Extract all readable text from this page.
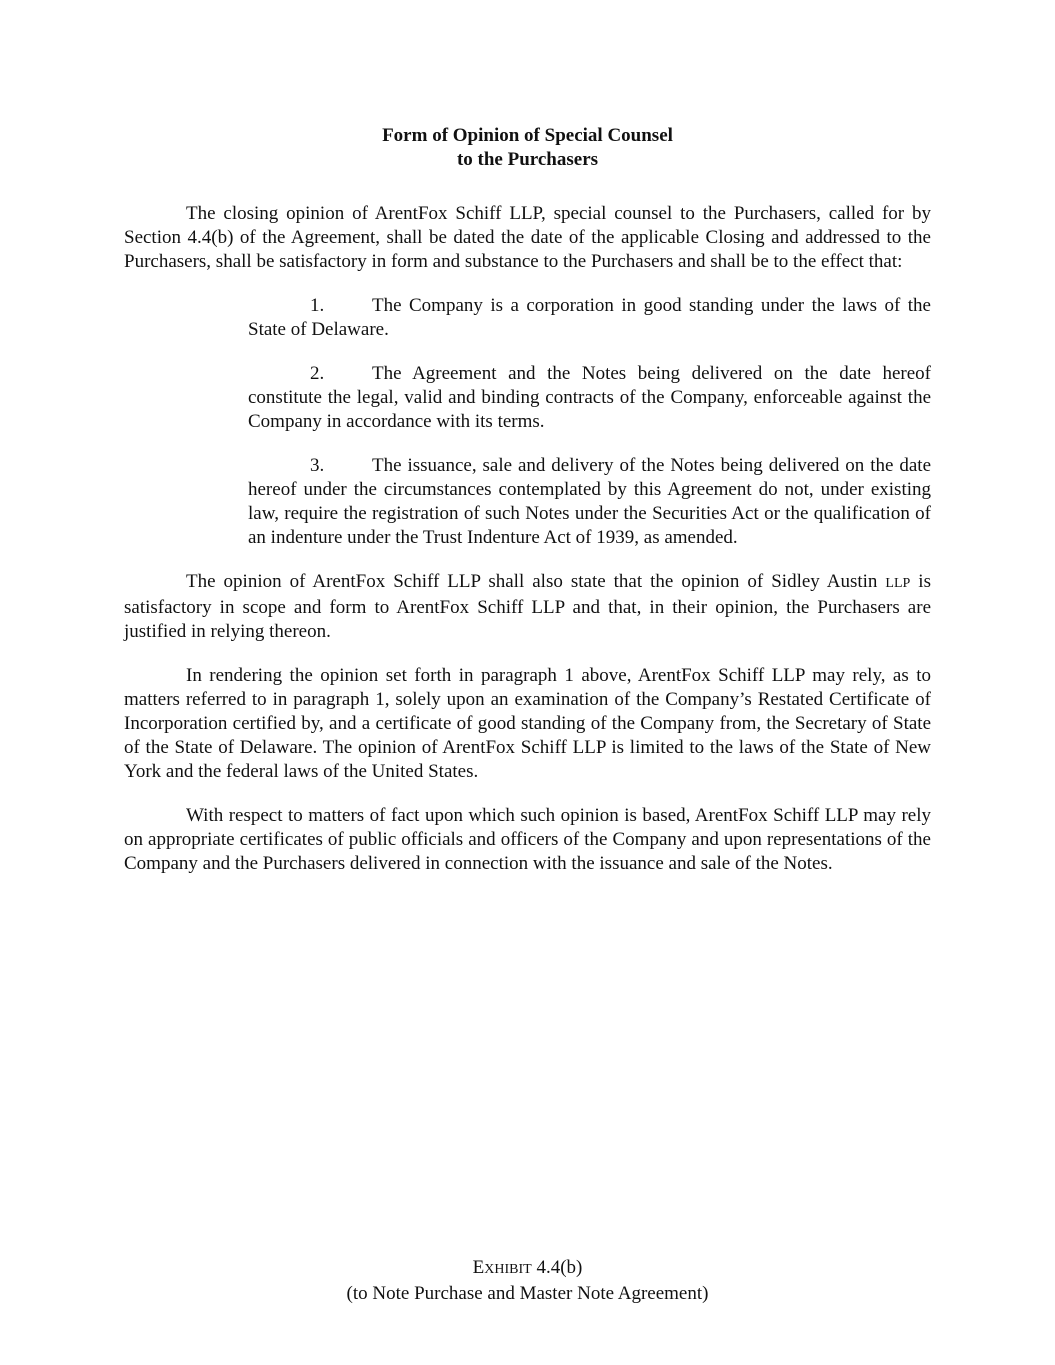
Form of Opinion of Special Counsel
to the Purchasers

The closing opinion of ArentFox Schiff LLP, special counsel to the Purchasers, called for by Section 4.4(b) of the Agreement, shall be dated the date of the applicable Closing and addressed to the Purchasers, shall be satisfactory in form and substance to the Purchasers and shall be to the effect that:

1.	The Company is a corporation in good standing under the laws of the State of Delaware.

2.	The Agreement and the Notes being delivered on the date hereof constitute the legal, valid and binding contracts of the Company, enforceable against the Company in accordance with its terms.

3.	The issuance, sale and delivery of the Notes being delivered on the date hereof under the circumstances contemplated by this Agreement do not, under existing law, require the registration of such Notes under the Securities Act or the qualification of an indenture under the Trust Indenture Act of 1939, as amended.

The opinion of ArentFox Schiff LLP shall also state that the opinion of Sidley Austin LLP is satisfactory in scope and form to ArentFox Schiff LLP and that, in their opinion, the Purchasers are justified in relying thereon.

In rendering the opinion set forth in paragraph 1 above, ArentFox Schiff LLP may rely, as to matters referred to in paragraph 1, solely upon an examination of the Company’s Restated Certificate of Incorporation certified by, and a certificate of good standing of the Company from, the Secretary of State of the State of Delaware. The opinion of ArentFox Schiff LLP is limited to the laws of the State of New York and the federal laws of the United States.

With respect to matters of fact upon which such opinion is based, ArentFox Schiff LLP may rely on appropriate certificates of public officials and officers of the Company and upon representations of the Company and the Purchasers delivered in connection with the issuance and sale of the Notes.

EXHIBIT 4.4(b)
(to Note Purchase and Master Note Agreement)
